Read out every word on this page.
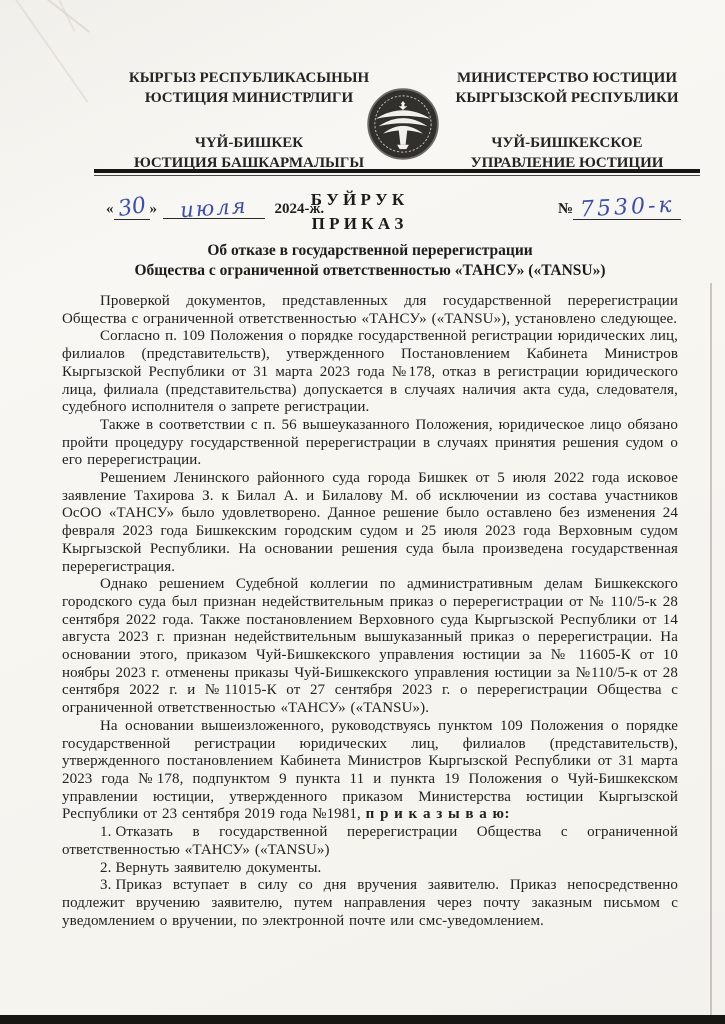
КЫРГЫЗ РЕСПУБЛИКАСЫНЫН
ЮСТИЦИЯ МИНИСТРЛИГИ
ЧҮЙ-БИШКЕК
ЮСТИЦИЯ БАШКАРМАЛЫГЫ
МИНИСТЕРСТВО ЮСТИЦИИ
КЫРГЫЗСКОЙ РЕСПУБЛИКИ
ЧУЙ-БИШКЕКСКОЕ
УПРАВЛЕНИЕ ЮСТИЦИИ
« 30 » июля 2024-ж.
Б У Й Р У К
П Р И К А З
№ 7530-к
Об отказе в государственной перерегистрации
Общества с ограниченной ответственностью «ТАНСУ» («TANSU»)

Проверкой документов, представленных для государственной перерегистрации Общества с ограниченной ответственностью «ТАНСУ» («TANSU»), установлено следующее.

Согласно п. 109 Положения о порядке государственной регистрации юридических лиц, филиалов (представительств), утвержденного Постановлением Кабинета Министров Кыргызской Республики от 31 марта 2023 года №178, отказ в регистрации юридического лица, филиала (представительства) допускается в случаях наличия акта суда, следователя, судебного исполнителя о запрете регистрации.

Также в соответствии с п. 56 вышеуказанного Положения, юридическое лицо обязано пройти процедуру государственной перерегистрации в случаях принятия решения судом о его перерегистрации.

Решением Ленинского районного суда города Бишкек от 5 июля 2022 года исковое заявление Тахирова З. к Билал А. и Билалову М. об исключении из состава участников ОсОО «ТАНСУ» было удовлетворено. Данное решение было оставлено без изменения 24 февраля 2023 года Бишкекским городским судом и 25 июля 2023 года Верховным судом Кыргызской Республики. На основании решения суда была произведена государственная перерегистрация.

Однако решением Судебной коллегии по административным делам Бишкекского городского суда был признан недействительным приказ о перерегистрации от № 110/5-к 28 сентября 2022 года. Также постановлением Верховного суда Кыргызской Республики от 14 августа 2023 г. признан недействительным вышуказанный приказ о перерегистрации. На основании этого, приказом Чуй-Бишкекского управления юстиции за № 11605-К от 10 ноябры 2023 г. отменены приказы Чуй-Бишкекского управления юстиции за №110/5-к от 28 сентября 2022 г. и №11015-К от 27 сентября 2023 г. о перерегистрации Общества с ограниченной ответственностью «ТАНСУ» («TANSU»).

На основании вышеизложенного, руководствуясь пунктом 109 Положения о порядке государственной регистрации юридических лиц, филиалов (представительств), утвержденного постановлением Кабинета Министров Кыргызской Республики от 31 марта 2023 года №178, подпунктом 9 пункта 11 и пункта 19 Положения о Чуй-Бишкекском управлении юстиции, утвержденного приказом Министерства юстиции Кыргызской Республики от 23 сентября 2019 года №1981, п р и к а з ы в а ю:

1. Отказать в государственной перерегистрации Общества с ограниченной ответственностью «ТАНСУ» («TANSU»)

2. Вернуть заявителю документы.

3. Приказ вступает в силу со дня вручения заявителю. Приказ непосредственно подлежит вручению заявителю, путем направления через почту заказным письмом с уведомлением о вручении, по электронной почте или смс-уведомлением.
